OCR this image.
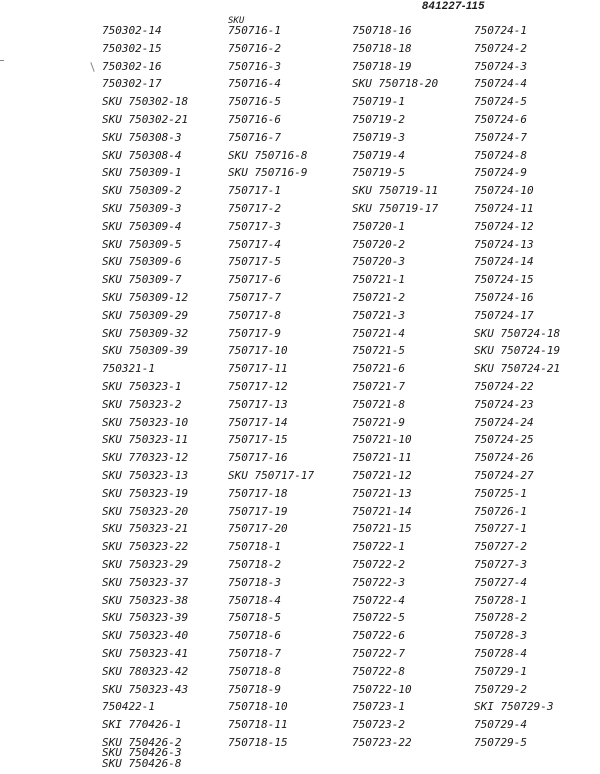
841227-115
SKU
750302-14	750716-1	750718-16	750724-1
750302-15	750716-2	750718-18	750724-2
750302-16	750716-3	750718-19	750724-3
750302-17	750716-4	SKU 750718-20	750724-4
SKU 750302-18	750716-5	750719-1	750724-5
SKU 750302-21	750716-6	750719-2	750724-6
SKU 750308-3	750716-7	750719-3	750724-7
SKU 750308-4	SKU 750716-8	750719-4	750724-8
SKU 750309-1	SKU 750716-9	750719-5	750724-9
SKU 750309-2	750717-1	SKU 750719-11	750724-10
SKU 750309-3	750717-2	SKU 750719-17	750724-11
SKU 750309-4	750717-3	750720-1	750724-12
SKU 750309-5	750717-4	750720-2	750724-13
SKU 750309-6	750717-5	750720-3	750724-14
SKU 750309-7	750717-6	750721-1	750724-15
SKU 750309-12	750717-7	750721-2	750724-16
SKU 750309-29	750717-8	750721-3	750724-17
SKU 750309-32	750717-9	750721-4	SKU 750724-18
SKU 750309-39	750717-10	750721-5	SKU 750724-19
750321-1	750717-11	750721-6	SKU 750724-21
SKU 750323-1	750717-12	750721-7	750724-22
SKU 750323-2	750717-13	750721-8	750724-23
SKU 750323-10	750717-14	750721-9	750724-24
SKU 750323-11	750717-15	750721-10	750724-25
SKU 770323-12	750717-16	750721-11	750724-26
SKU 750323-13	SKU 750717-17	750721-12	750724-27
SKU 750323-19	750717-18	750721-13	750725-1
SKU 750323-20	750717-19	750721-14	750726-1
SKU 750323-21	750717-20	750721-15	750727-1
SKU 750323-22	750718-1	750722-1	750727-2
SKU 750323-29	750718-2	750722-2	750727-3
SKU 750323-37	750718-3	750722-3	750727-4
SKU 750323-38	750718-4	750722-4	750728-1
SKU 750323-39	750718-5	750722-5	750728-2
SKU 750323-40	750718-6	750722-6	750728-3
SKU 750323-41	750718-7	750722-7	750728-4
SKU 780323-42	750718-8	750722-8	750729-1
SKU 750323-43	750718-9	750722-10	750729-2
750422-1	750718-10	750723-1	SKI 750729-3
SKI 770426-1	750718-11	750723-2	750729-4
SKU 750426-2	750718-15	750723-22	750729-5
SKU 750426-3
SKU 750426-8
